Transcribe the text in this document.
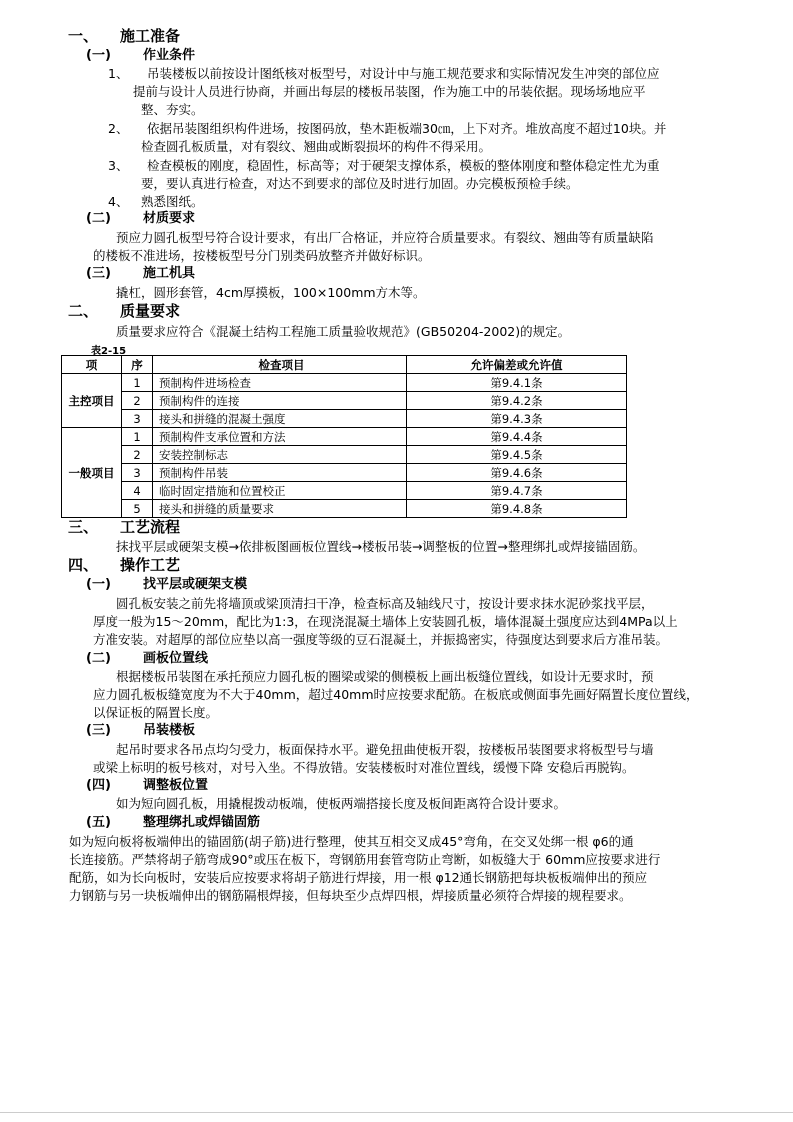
一、 施工准备
(一) 作业条件
1、 吊装楼板以前按设计图纸核对板型号，对设计中与施工规范要求和实际情况发生冲突的部位应
提前与设计人员进行协商，并画出每层的楼板吊装图，作为施工中的吊装依据。现场场地应平
整、夯实。
2、 依据吊装图组织构件进场，按图码放，垫木距板端30㎝，上下对齐。堆放高度不超过10块。并
检查圆孔板质量，对有裂纹、翘曲或断裂损坏的构件不得采用。
3、 检查模板的刚度，稳固性，标高等；对于硬架支撑体系，模板的整体刚度和整体稳定性尤为重
要，要认真进行检查，对达不到要求的部位及时进行加固。办完模板预检手续。
4、 熟悉图纸。
(二) 材质要求
预应力圆孔板型号符合设计要求，有出厂合格证，并应符合质量要求。有裂纹、翘曲等有质量缺陷
的楼板不准进场，按楼板型号分门别类码放整齐并做好标识。
(三) 施工机具
撬杠，圆形套管，4cm厚摸板，100×100mm方木等。
二、 质量要求
质量要求应符合《混凝土结构工程施工质量验收规范》(GB50204-2002)的规定。
表2-15
项	序	检查项目	允许偏差或允许值
主控项目	1	预制构件进场检查	第9.4.1条
	2	预制构件的连接	第9.4.2条
	3	接头和拼缝的混凝土强度	第9.4.3条
一般项目	1	预制构件支承位置和方法	第9.4.4条
	2	安装控制标志	第9.4.5条
	3	预制构件吊装	第9.4.6条
	4	临时固定措施和位置校正	第9.4.7条
	5	接头和拼缝的质量要求	第9.4.8条
三、 工艺流程
抹找平层或硬架支模→依排板图画板位置线→楼板吊装→调整板的位置→整理绑扎或焊接锚固筋。
四、 操作工艺
(一) 找平层或硬架支模
圆孔板安装之前先将墙顶或梁顶清扫干净，检查标高及轴线尺寸，按设计要求抹水泥砂浆找平层，
厚度一般为15～20mm，配比为1:3，在现浇混凝土墙体上安装圆孔板，墙体混凝土强度应达到4MPa以上
方准安装。对超厚的部位应垫以高一强度等级的豆石混凝土，并振捣密实，待强度达到要求后方准吊装。
(二) 画板位置线
根据楼板吊装图在承托预应力圆孔板的圈梁或梁的侧模板上画出板缝位置线，如设计无要求时，预
应力圆孔板板缝宽度为不大于40mm，超过40mm时应按要求配筋。在板底或侧面事先画好隔置长度位置线，
以保证板的隔置长度。
(三) 吊装楼板
起吊时要求各吊点均匀受力，板面保持水平。避免扭曲使板开裂，按楼板吊装图要求将板型号与墙
或梁上标明的板号核对，对号入坐。不得放错。安装楼板时对准位置线，缓慢下降 安稳后再脱钩。
(四) 调整板位置
如为短向圆孔板，用撬棍拨动板端，使板两端搭接长度及板间距离符合设计要求。
(五) 整理绑扎或焊锚固筋
如为短向板将板端伸出的锚固筋(胡子筋)进行整理，使其互相交叉成45°弯角，在交叉处绑一根 φ6的通
长连接筋。严禁将胡子筋弯成90°或压在板下，弯钢筋用套管弯防止弯断，如板缝大于 60mm应按要求进行
配筋，如为长向板时，安装后应按要求将胡子筋进行焊接，用一根 φ12通长钢筋把每块板板端伸出的预应
力钢筋与另一块板端伸出的钢筋隔根焊接，但每块至少点焊四根，焊接质量必须符合焊接的规程要求。
